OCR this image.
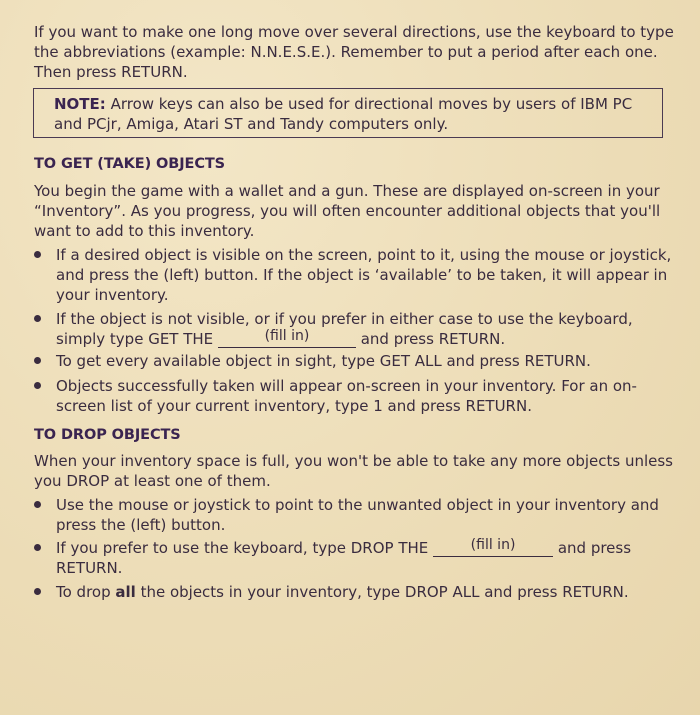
If you want to make one long move over several directions, use the keyboard to type the abbreviations (example: N.N.E.S.E.). Remember to put a period after each one. Then press RETURN.

NOTE: Arrow keys can also be used for directional moves by users of IBM PC and PCjr, Amiga, Atari ST and Tandy computers only.

TO GET (TAKE) OBJECTS

You begin the game with a wallet and a gun. These are displayed on-screen in your “Inventory”. As you progress, you will often encounter additional objects that you'll want to add to this inventory.

If a desired object is visible on the screen, point to it, using the mouse or joystick, and press the (left) button. If the object is ‘available’ to be taken, it will appear in your inventory.

If the object is not visible, or if you prefer in either case to use the keyboard, simply type GET THE	(fill in)	and press RETURN.

To get every available object in sight, type GET ALL and press RETURN.

Objects successfully taken will appear on-screen in your inventory. For an on-screen list of your current inventory, type 1 and press RETURN.

TO DROP OBJECTS

When your inventory space is full, you won't be able to take any more objects unless you DROP at least one of them.

Use the mouse or joystick to point to the unwanted object in your inventory and press the (left) button.

If you prefer to use the keyboard, type DROP THE	(fill in)	and press RETURN.

To drop all the objects in your inventory, type DROP ALL and press RETURN.
